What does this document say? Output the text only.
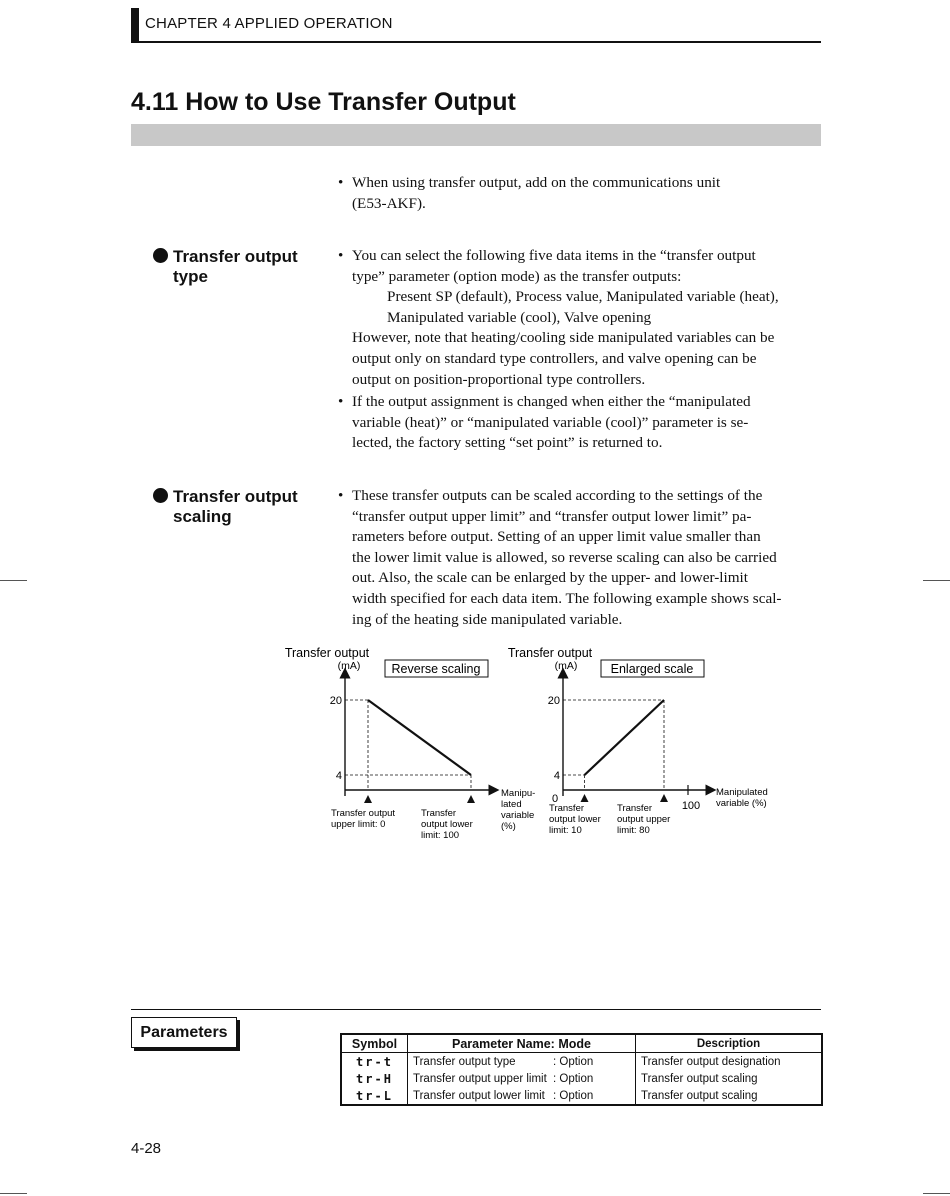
CHAPTER 4 APPLIED OPERATION
4.11 How to Use Transfer Output
• When using transfer output, add on the communications unit
(E53-AKF).
Transfer output
type
• You can select the following five data items in the “transfer output
type” parameter (option mode) as the transfer outputs:
Present SP (default), Process value, Manipulated variable (heat),
Manipulated variable (cool), Valve opening
However, note that heating/cooling side manipulated variables can be
output only on standard type controllers, and valve opening can be
output on position-proportional type controllers.
• If the output assignment is changed when either the “manipulated
variable (heat)” or “manipulated variable (cool)” parameter is se-
lected, the factory setting “set point” is returned to.
Transfer output
scaling
• These transfer outputs can be scaled according to the settings of the
“transfer output upper limit” and “transfer output lower limit” pa-
rameters before output. Setting of an upper limit value smaller than
the lower limit value is allowed, so reverse scaling can also be carried
out. Also, the scale can be enlarged by the upper- and lower-limit
width specified for each data item. The following example shows scal-
ing of the heating side manipulated variable.
Transfer output
(mA) Reverse scaling
20
4
Transfer output upper limit: 0
Transfer output lower limit: 100
Manipu- lated variable (%)
Transfer output
(mA)	Enlarged scale
20
4
0
100
Transfer output lower limit: 10
Transfer output upper limit: 80
Manipulated variable (%)
Parameters
Symbol	Parameter Name: Mode	Description
tr-t	Transfer output type : Option	Transfer output designation
tr-H	Transfer output upper limit : Option	Transfer output scaling
tr-L	Transfer output lower limit : Option	Transfer output scaling
4-28
